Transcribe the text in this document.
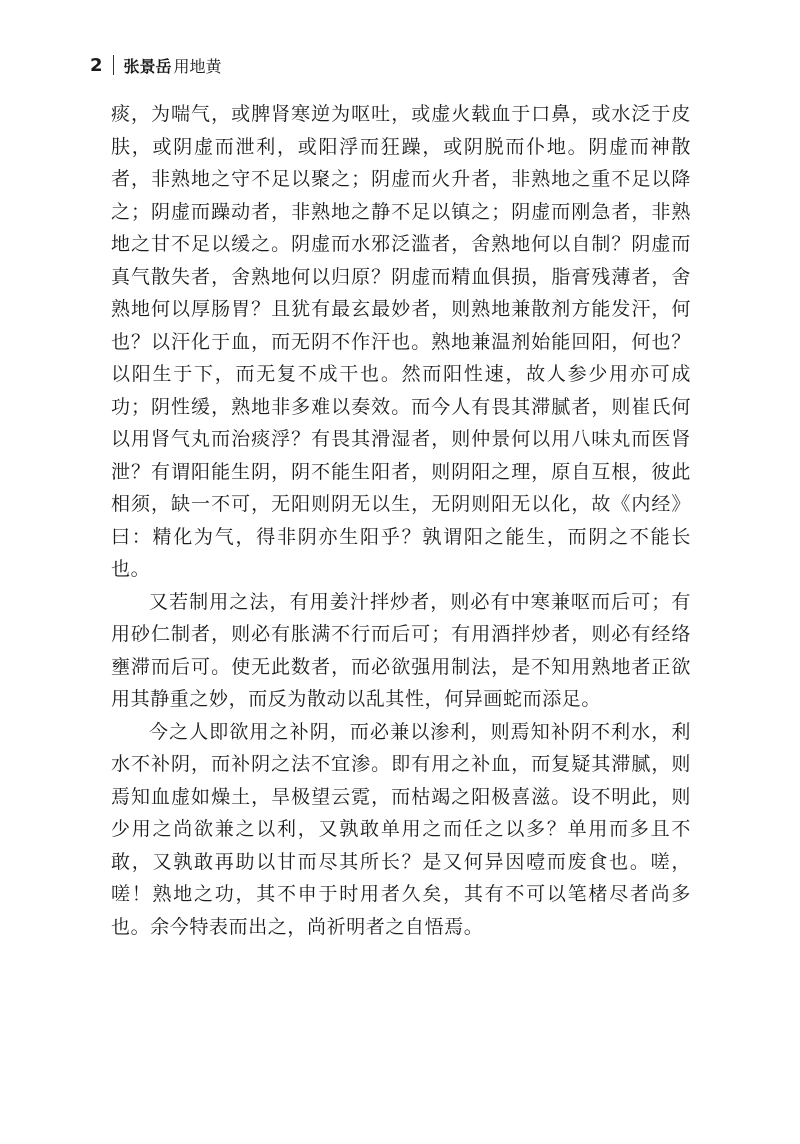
2 张景岳 用地黄

痰，为喘气，或脾肾寒逆为呕吐，或虚火载血于口鼻，或水泛于皮肤，或阴虚而泄利，或阳浮而狂躁，或阴脱而仆地。阴虚而神散者，非熟地之守不足以聚之；阴虚而火升者，非熟地之重不足以降之；阴虚而躁动者，非熟地之静不足以镇之；阴虚而刚急者，非熟地之甘不足以缓之。阴虚而水邪泛滥者，舍熟地何以自制？阴虚而真气散失者，舍熟地何以归原？阴虚而精血俱损，脂膏残薄者，舍熟地何以厚肠胃？且犹有最玄最妙者，则熟地兼散剂方能发汗，何也？以汗化于血，而无阴不作汗也。熟地兼温剂始能回阳，何也？以阳生于下，而无复不成干也。然而阳性速，故人参少用亦可成功；阴性缓，熟地非多难以奏效。而今人有畏其滞腻者，则崔氏何以用肾气丸而治痰浮？有畏其滑湿者，则仲景何以用八味丸而医肾泄？有谓阳能生阴，阴不能生阳者，则阴阳之理，原自互根，彼此相须，缺一不可，无阳则阴无以生，无阴则阳无以化，故《内经》曰：精化为气，得非阴亦生阳乎？孰谓阳之能生，而阴之不能长也。

又若制用之法，有用姜汁拌炒者，则必有中寒兼呕而后可；有用砂仁制者，则必有胀满不行而后可；有用酒拌炒者，则必有经络壅滞而后可。使无此数者，而必欲强用制法，是不知用熟地者正欲用其静重之妙，而反为散动以乱其性，何异画蛇而添足。

今之人即欲用之补阴，而必兼以渗利，则焉知补阴不利水，利水不补阴，而补阴之法不宜渗。即有用之补血，而复疑其滞腻，则焉知血虚如燥土，旱极望云霓，而枯竭之阳极喜滋。设不明此，则少用之尚欲兼之以利，又孰敢单用之而任之以多？单用而多且不敢，又孰敢再助以甘而尽其所长？是又何异因噎而废食也。嗟，嗟！熟地之功，其不申于时用者久矣，其有不可以笔楮尽者尚多也。余今特表而出之，尚祈明者之自悟焉。
